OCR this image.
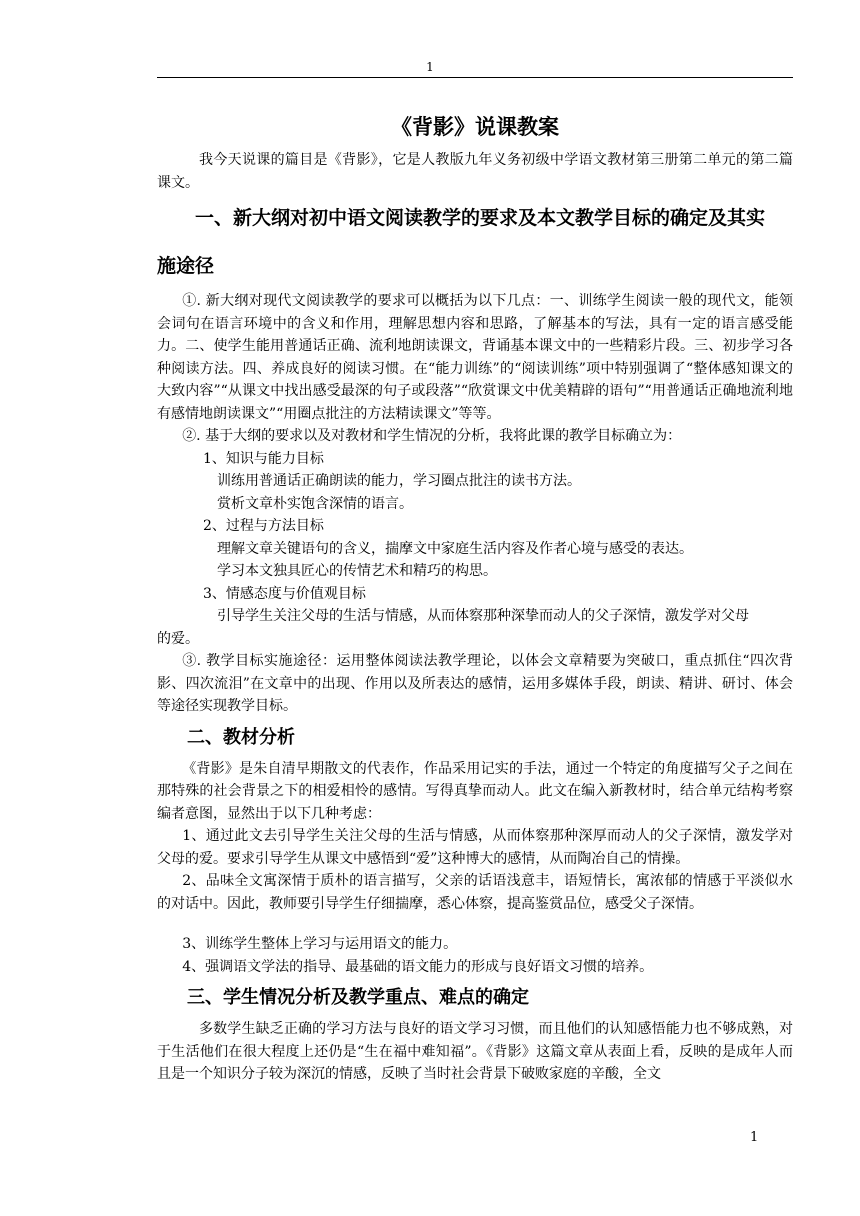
1
《背影》说课教案

我今天说课的篇目是《背影》，它是人教版九年义务初级中学语文教材第三册第二单元的第二篇课文。

一、新大纲对初中语文阅读教学的要求及本文教学目标的确定及其实
施途径

①. 新大纲对现代文阅读教学的要求可以概括为以下几点：一、训练学生阅读一般的现代文，能领会词句在语言环境中的含义和作用，理解思想内容和思路，了解基本的写法，具有一定的语言感受能力。二、使学生能用普通话正确、流利地朗读课文，背诵基本课文中的一些精彩片段。三、初步学习各种阅读方法。四、养成良好的阅读习惯。在“能力训练”的“阅读训练”项中特别强调了“整体感知课文的大致内容”“从课文中找出感受最深的句子或段落”“欣赏课文中优美精辟的语句”“用普通话正确地流利地有感情地朗读课文”“用圈点批注的方法精读课文”等等。

②. 基于大纲的要求以及对教材和学生情况的分析，我将此课的教学目标确立为：

1、知识与能力目标

训练用普通话正确朗读的能力，学习圈点批注的读书方法。

赏析文章朴实饱含深情的语言。

2、过程与方法目标

理解文章关键语句的含义，揣摩文中家庭生活内容及作者心境与感受的表达。

学习本文独具匠心的传情艺术和精巧的构思。

3、情感态度与价值观目标

引导学生关注父母的生活与情感，从而体察那种深挚而动人的父子深情，激发学对父母

的爱。

③. 教学目标实施途径：运用整体阅读法教学理论，以体会文章精要为突破口，重点抓住“四次背影、四次流泪”在文章中的出现、作用以及所表达的感情，运用多媒体手段，朗读、精讲、研讨、体会等途径实现教学目标。

二、教材分析

《背影》是朱自清早期散文的代表作，作品采用记实的手法，通过一个特定的角度描写父子之间在那特殊的社会背景之下的相爱相怜的感情。写得真挚而动人。此文在编入新教材时，结合单元结构考察编者意图，显然出于以下几种考虑：

1、通过此文去引导学生关注父母的生活与情感，从而体察那种深厚而动人的父子深情，激发学对父母的爱。要求引导学生从课文中感悟到“爱”这种博大的感情，从而陶冶自己的情操。

2、品味全文寓深情于质朴的语言描写，父亲的话语浅意丰，语短情长，寓浓郁的情感于平淡似水的对话中。因此，教师要引导学生仔细揣摩，悉心体察，提高鉴赏品位，感受父子深情。

3、训练学生整体上学习与运用语文的能力。

4、强调语文学法的指导、最基础的语文能力的形成与良好语文习惯的培养。

三、学生情况分析及教学重点、难点的确定

多数学生缺乏正确的学习方法与良好的语文学习习惯，而且他们的认知感悟能力也不够成熟，对于生活他们在很大程度上还仍是“生在福中难知福”。《背影》这篇文章从表面上看，反映的是成年人而且是一个知识分子较为深沉的情感，反映了当时社会背景下破败家庭的辛酸，全文

1
